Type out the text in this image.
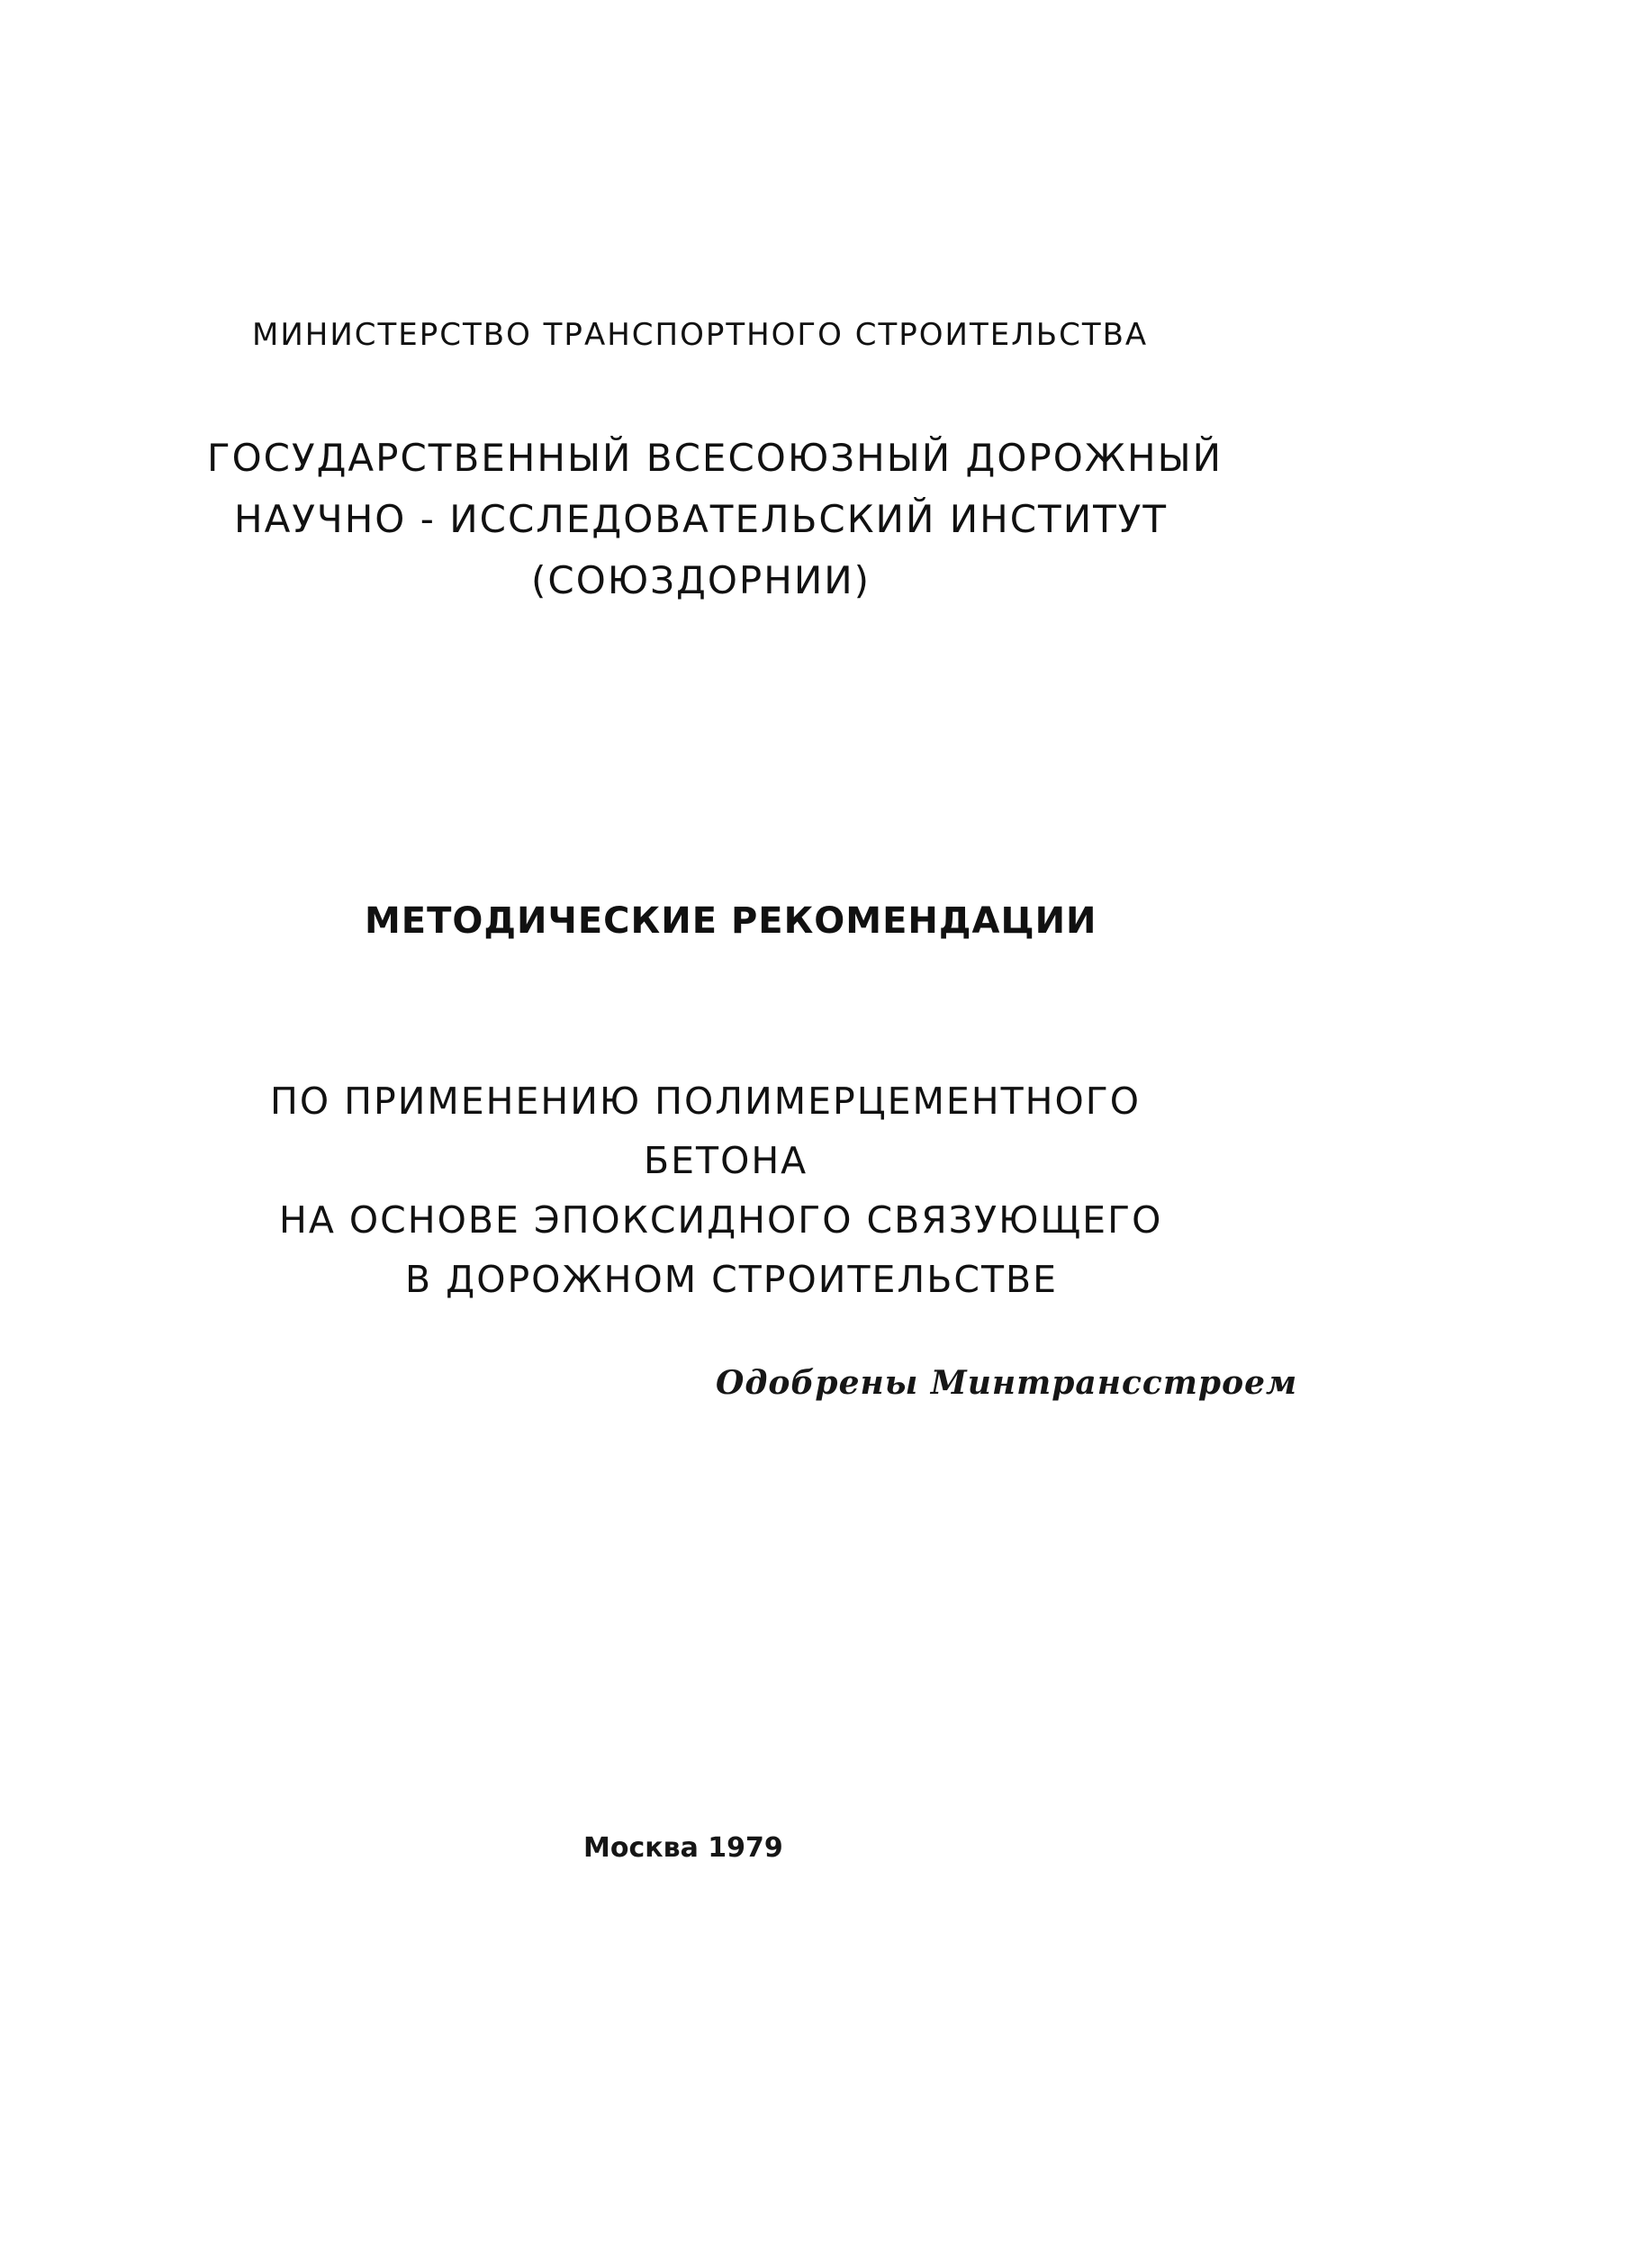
МИНИСТЕРСТВО ТРАНСПОРТНОГО СТРОИТЕЛЬСТВА
ГОСУДАРСТВЕННЫЙ ВСЕСОЮЗНЫЙ ДОРОЖНЫЙ
НАУЧНО - ИССЛЕДОВАТЕЛЬСКИЙ ИНСТИТУТ
(СОЮЗДОРНИИ)
МЕТОДИЧЕСКИЕ РЕКОМЕНДАЦИИ
ПО ПРИМЕНЕНИЮ ПОЛИМЕРЦЕМЕНТНОГО
БЕТОНА
НА ОСНОВЕ ЭПОКСИДНОГО СВЯЗУЮЩЕГО
В ДОРОЖНОМ СТРОИТЕЛЬСТВЕ
Одобрены Минтрансстроем
Москва 1979
